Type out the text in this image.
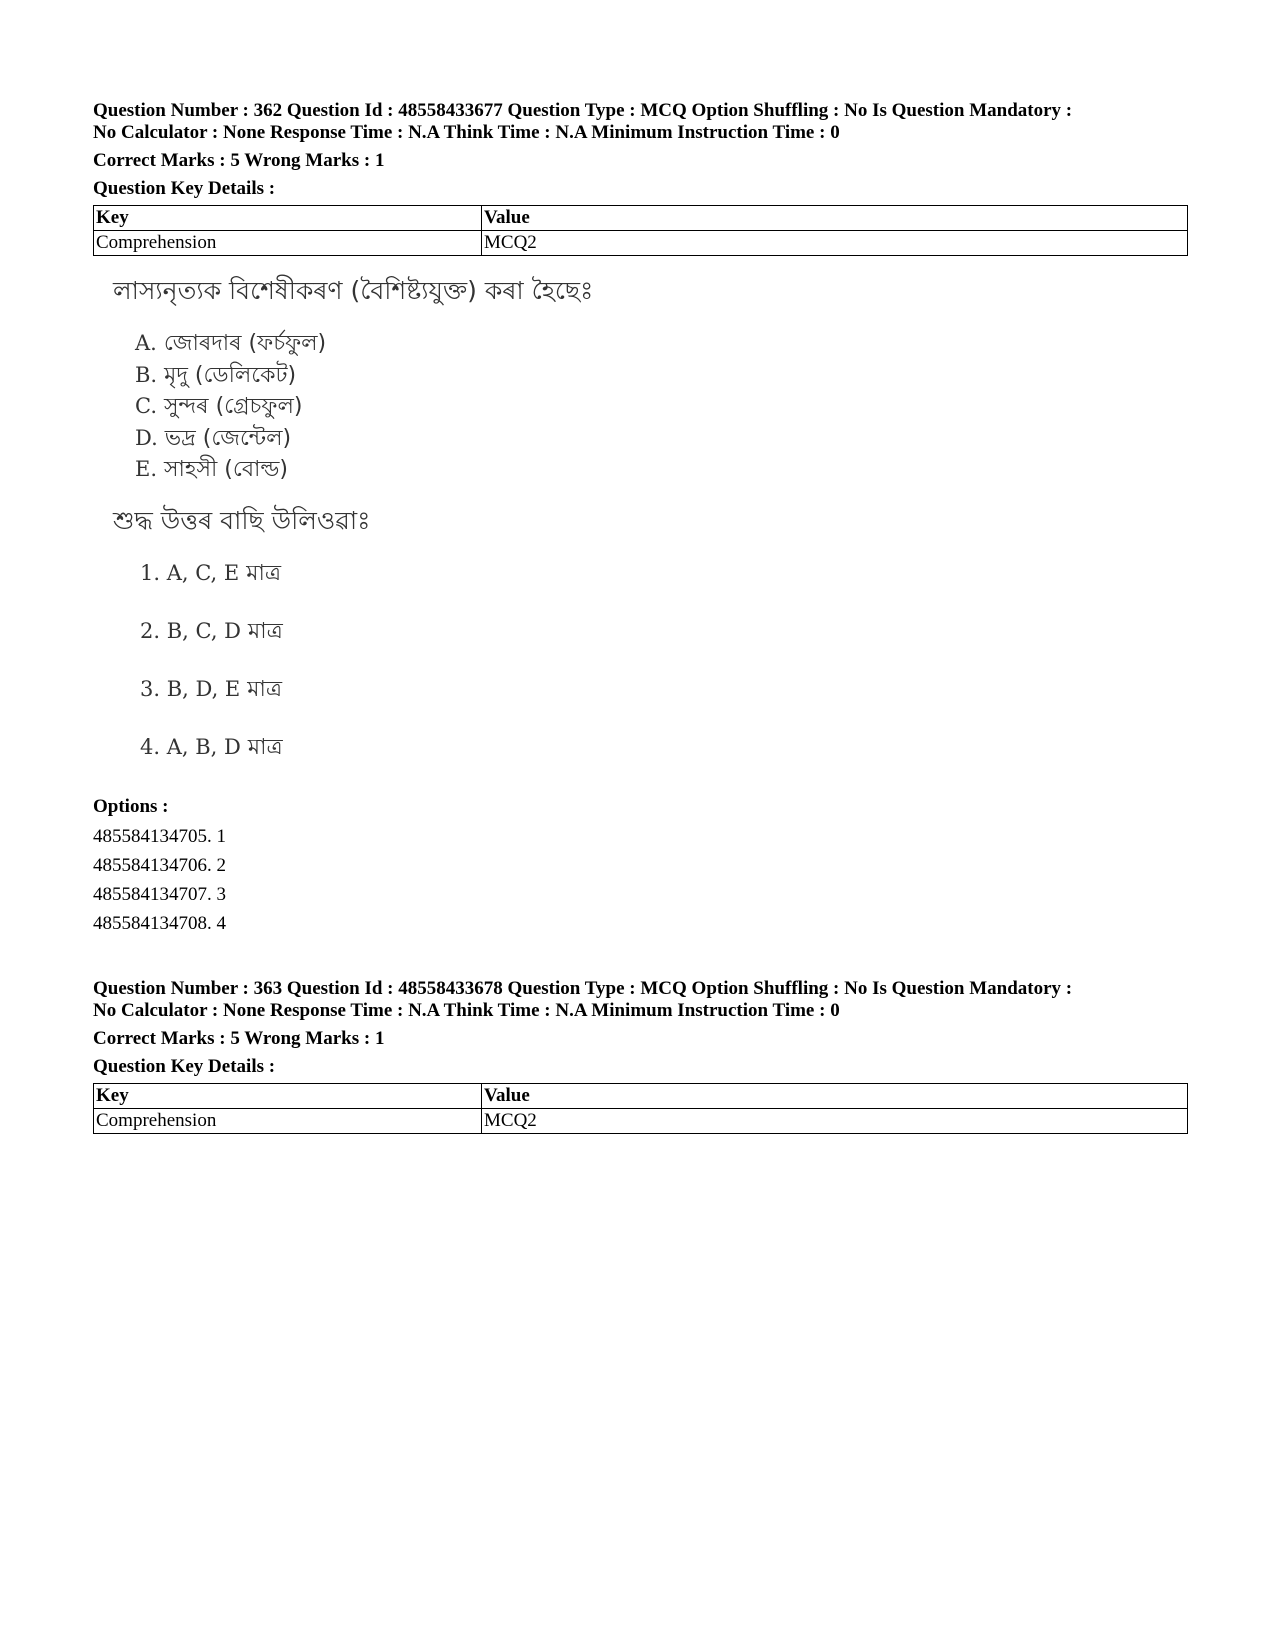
Question Number : 362 Question Id : 48558433677 Question Type : MCQ Option Shuffling : No Is Question Mandatory :

No Calculator : None Response Time : N.A Think Time : N.A Minimum Instruction Time : 0

Correct Marks : 5 Wrong Marks : 1
Question Key Details :
Key	Value
Comprehension	MCQ2
লাস্যনৃত্যক বিশেষীকৰণ (বৈশিষ্ট্যযুক্ত) কৰা হৈছেঃ
A. জোৰদাৰ (ফৰ্চফুল)
B. মৃদু (ডেলিকেট)
C. সুন্দৰ (গ্ৰেচফুল)
D. ভদ্ৰ (জেন্টেল)
E. সাহসী (বোল্ড)
শুদ্ধ উত্তৰ বাছি উলিওৱাঃ
1. A, C, E মাত্ৰ
2. B, C, D মাত্ৰ
3. B, D, E মাত্ৰ
4. A, B, D মাত্ৰ
Options :
485584134705. 1
485584134706. 2
485584134707. 3
485584134708. 4

Question Number : 363 Question Id : 48558433678 Question Type : MCQ Option Shuffling : No Is Question Mandatory :

No Calculator : None Response Time : N.A Think Time : N.A Minimum Instruction Time : 0

Correct Marks : 5 Wrong Marks : 1
Question Key Details :
Key	Value
Comprehension	MCQ2
